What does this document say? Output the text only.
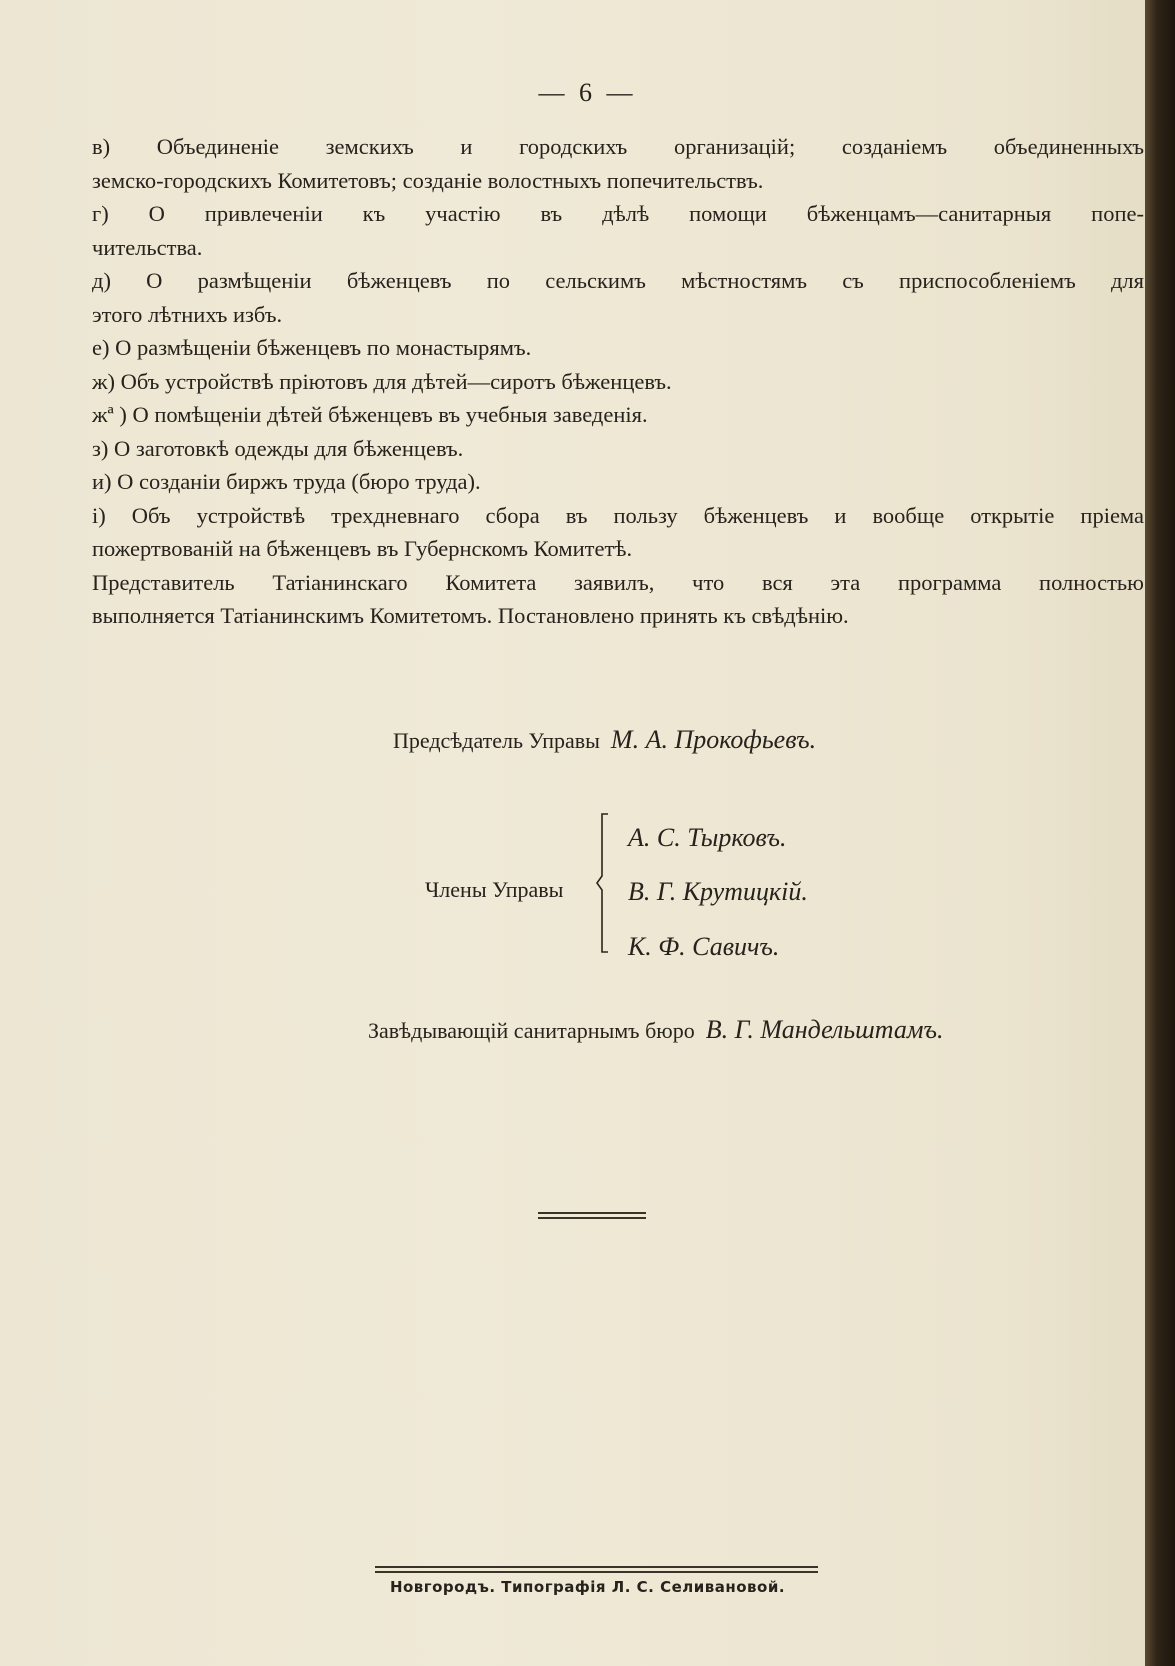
— 6 —
в) Объединеніе земскихъ и городскихъ организацій; созданіемъ объединенныхъ
земско-городскихъ Комитетовъ; созданіе волостныхъ попечительствъ.
г) О привлеченіи къ участію въ дѣлѣ помощи бѣженцамъ—санитарныя попе-
чительства.
д) О размѣщеніи бѣженцевъ по сельскимъ мѣстностямъ съ приспособленіемъ для
этого лѣтнихъ избъ.
е) О размѣщеніи бѣженцевъ по монастырямъ.
ж) Объ устройствѣ пріютовъ для дѣтей—сиротъ бѣженцевъ.
жª ) О помѣщеніи дѣтей бѣженцевъ въ учебныя заведенія.
з) О заготовкѣ одежды для бѣженцевъ.
и) О созданіи биржъ труда (бюро труда).
і) Объ устройствѣ трехдневнаго сбора въ пользу бѣженцевъ и вообще открытіе пріема
пожертвованій на бѣженцевъ въ Губернскомъ Комитетѣ.
Представитель Татіанинскаго Комитета заявилъ, что вся эта программа полностью
выполняется Татіанинскимъ Комитетомъ. Постановлено принять къ свѣдѣнію.
Предсѣдатель Управы М. А. Прокофьевъ.
Члены Управы
А. С. Тырковъ.
В. Г. Крутицкій.
К. Ф. Савичъ.
Завѣдывающій санитарнымъ бюро В. Г. Мандельштамъ.
Новгородъ. Типографія Л. С. Селивановой.
